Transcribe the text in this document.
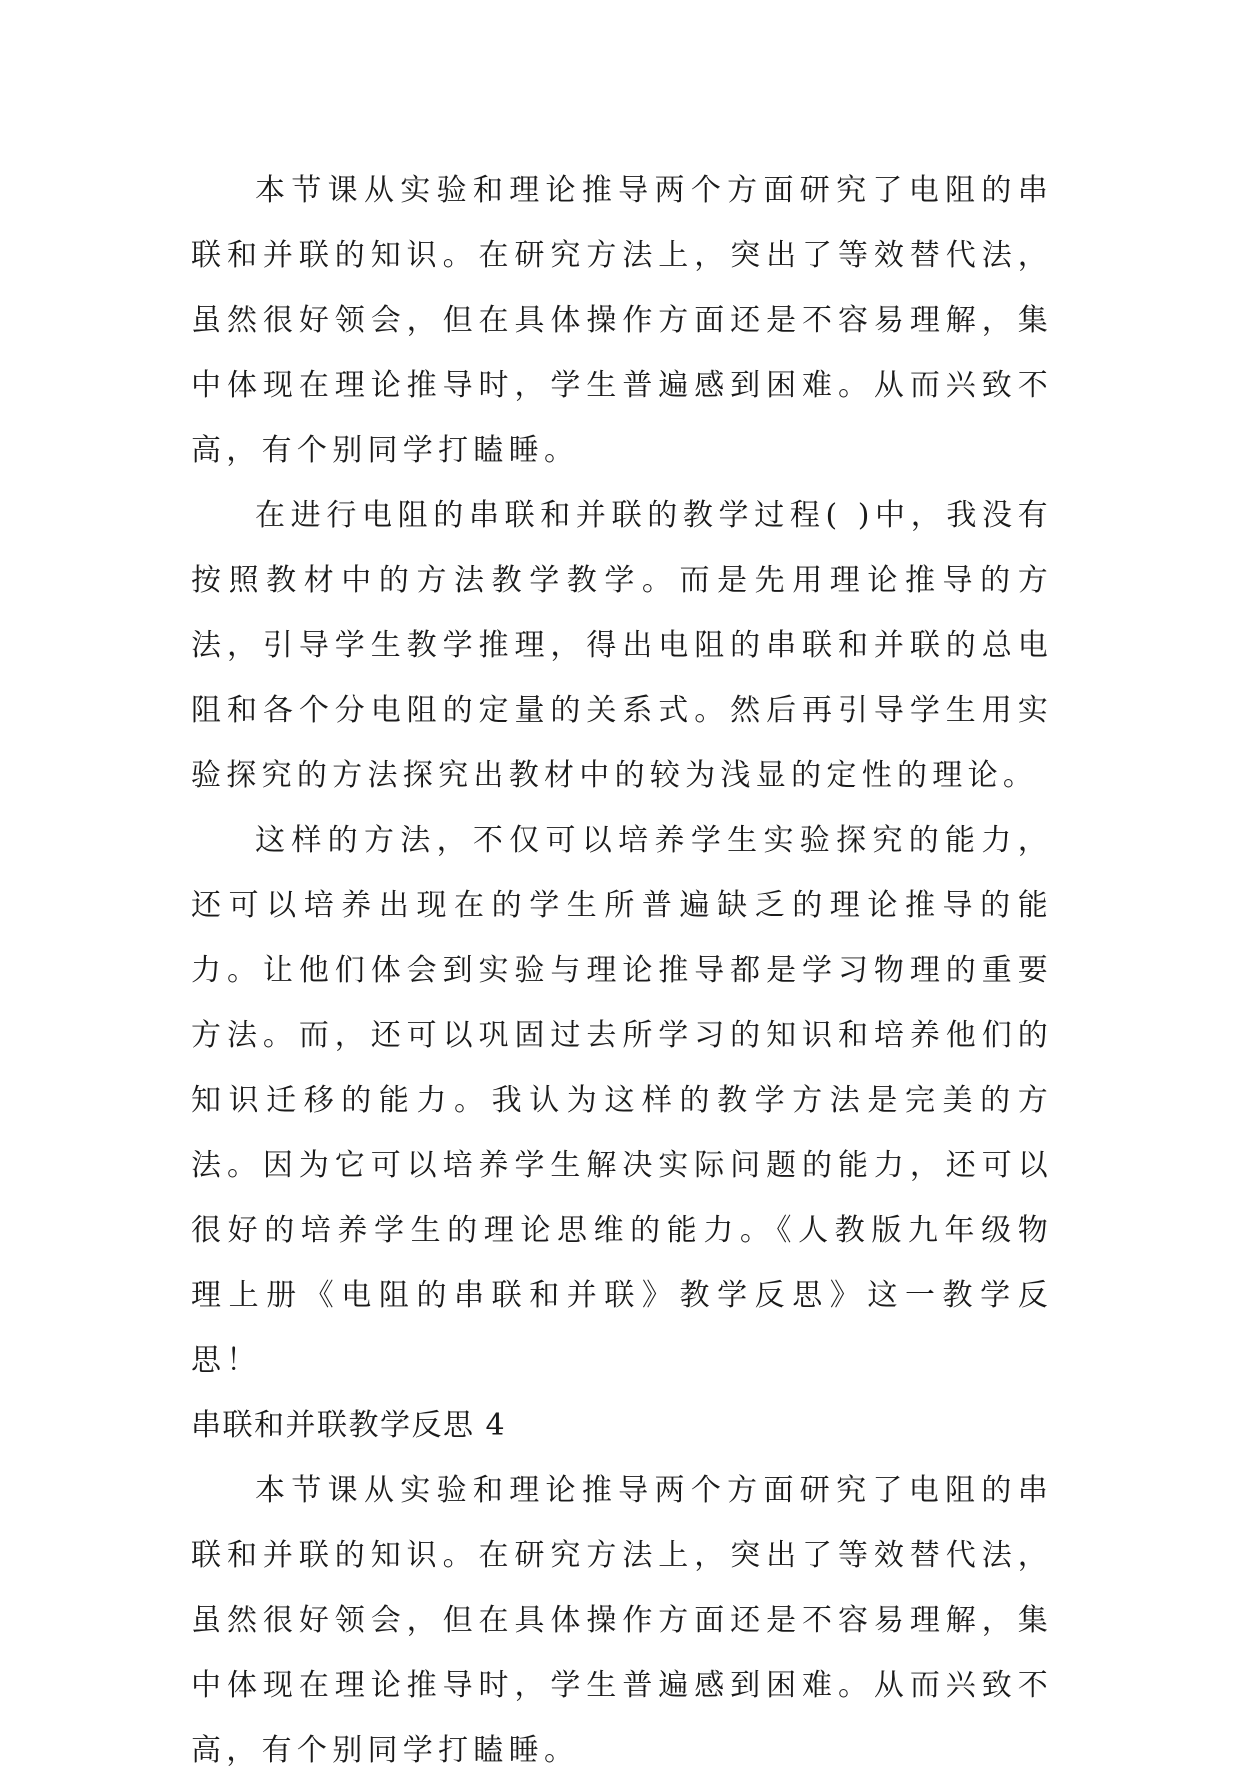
本节课从实验和理论推导两个方面研究了电阻的串联和并联的知识。在研究方法上，突出了等效替代法，虽然很好领会，但在具体操作方面还是不容易理解，集中体现在理论推导时，学生普遍感到困难。从而兴致不高，有个别同学打瞌睡。

在进行电阻的串联和并联的教学过程( )中，我没有按照教材中的方法教学教学。而是先用理论推导的方法，引导学生教学推理，得出电阻的串联和并联的总电阻和各个分电阻的定量的关系式。然后再引导学生用实验探究的方法探究出教材中的较为浅显的定性的理论。

这样的方法，不仅可以培养学生实验探究的能力，还可以培养出现在的学生所普遍缺乏的理论推导的能力。让他们体会到实验与理论推导都是学习物理的重要方法。而，还可以巩固过去所学习的知识和培养他们的知识迁移的能力。我认为这样的教学方法是完美的方法。因为它可以培养学生解决实际问题的能力，还可以很好的培养学生的理论思维的能力。《人教版九年级物理上册《电阻的串联和并联》教学反思》这一教学反思！

串联和并联教学反思 4

本节课从实验和理论推导两个方面研究了电阻的串联和并联的知识。在研究方法上，突出了等效替代法，虽然很好领会，但在具体操作方面还是不容易理解，集中体现在理论推导时，学生普遍感到困难。从而兴致不高，有个别同学打瞌睡。
